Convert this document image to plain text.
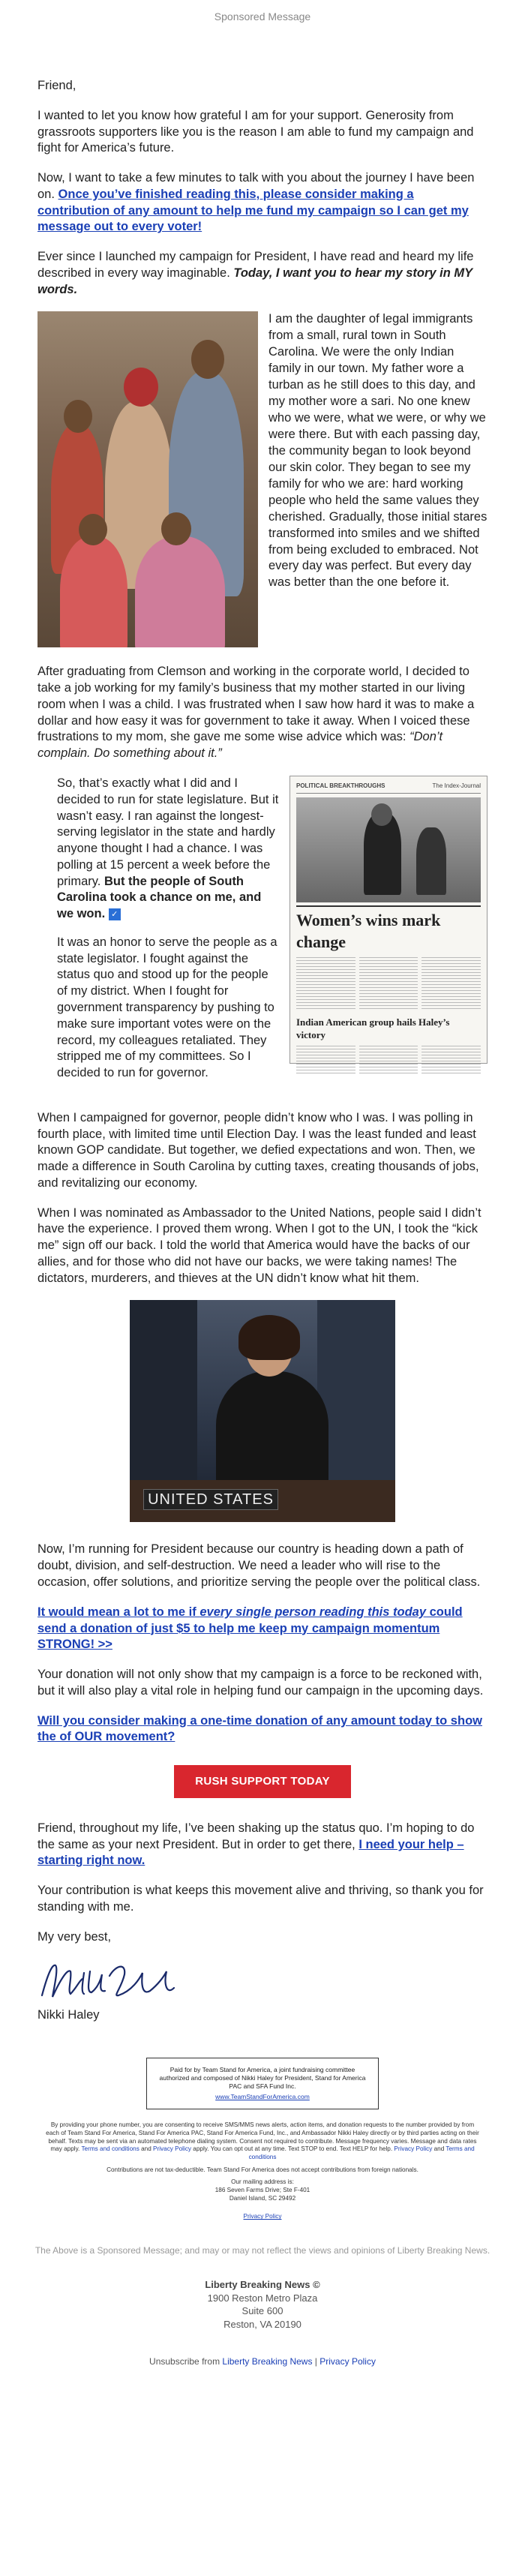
Sponsored Message

Friend,

I wanted to let you know how grateful I am for your support. Generosity from grassroots supporters like you is the reason I am able to fund my campaign and fight for America’s future.

Now, I want to take a few minutes to talk with you about the journey I have been on. Once you’ve finished reading this, please consider making a contribution of any amount to help me fund my campaign so I can get my message out to every voter!

Ever since I launched my campaign for President, I have read and heard my life described in every way imaginable. Today, I want you to hear my story in MY words.

I am the daughter of legal immigrants from a small, rural town in South Carolina. We were the only Indian family in our town. My father wore a turban as he still does to this day, and my mother wore a sari. No one knew who we were, what we were, or why we were there. But with each passing day, the community began to look beyond our skin color. They began to see my family for who we are: hard working people who held the same values they cherished. Gradually, those initial stares transformed into smiles and we shifted from being excluded to embraced. Not every day was perfect. But every day was better than the one before it.

After graduating from Clemson and working in the corporate world, I decided to take a job working for my family’s business that my mother started in our living room when I was a child. I was frustrated when I saw how hard it was to make a dollar and how easy it was for government to take it away. When I voiced these frustrations to my mom, she gave me some wise advice which was: “Don’t complain. Do something about it.”

So, that’s exactly what I did and I decided to run for state legislature. But it wasn’t easy. I ran against the longest-serving legislator in the state and hardly anyone thought I had a chance. I was polling at 15 percent a week before the primary. But the people of South Carolina took a chance on me, and we won. ✓

It was an honor to serve the people as a state legislator. I fought against the status quo and stood up for the people of my district. When I fought for government transparency by pushing to make sure important votes were on the record, my colleagues retaliated. They stripped me of my committees. So I decided to run for governor.

POLITICAL BREAKTHROUGHS	The Index-Journal
Women’s wins mark change
Indian American group hails Haley’s victory

When I campaigned for governor, people didn’t know who I was. I was polling in fourth place, with limited time until Election Day. I was the least funded and least known GOP candidate. But together, we defied expectations and won. Then, we made a difference in South Carolina by cutting taxes, creating thousands of jobs, and revitalizing our economy.

When I was nominated as Ambassador to the United Nations, people said I didn’t have the experience. I proved them wrong. When I got to the UN, I took the “kick me” sign off our back. I told the world that America would have the backs of our allies, and for those who did not have our backs, we were taking names! The dictators, murderers, and thieves at the UN didn’t know what hit them.

UNITED STATES

Now, I’m running for President because our country is heading down a path of doubt, division, and self-destruction. We need a leader who will rise to the occasion, offer solutions, and prioritize serving the people over the political class.

It would mean a lot to me if every single person reading this today could send a donation of just $5 to help me keep my campaign momentum STRONG! >>

Your donation will not only show that my campaign is a force to be reckoned with, but it will also play a vital role in helping fund our campaign in the upcoming days.

Will you consider making a one-time donation of any amount today to show the of OUR movement?

RUSH SUPPORT TODAY

Friend, throughout my life, I’ve been shaking up the status quo. I’m hoping to do the same as your next President. But in order to get there, I need your help – starting right now.

Your contribution is what keeps this movement alive and thriving, so thank you for standing with me.

My very best,

Nikki Haley

Paid for by Team Stand for America, a joint fundraising committee authorized and composed of Nikki Haley for President, Stand for America PAC and SFA Fund Inc.
www.TeamStandForAmerica.com
By providing your phone number, you are consenting to receive SMS/MMS news alerts, action items, and donation requests to the number provided by from each of Team Stand For America, Stand For America PAC, Stand For America Fund, Inc., and Ambassador Nikki Haley directly or by third parties acting on their behalf. Texts may be sent via an automated telephone dialing system. Consent not required to contribute. Message frequency varies. Message and data rates may apply. Terms and conditions and Privacy Policy apply. You can opt out at any time. Text STOP to end. Text HELP for help. Privacy Policy and Terms and conditions
Contributions are not tax-deductible. Team Stand For America does not accept contributions from foreign nationals.
Our mailing address is:
186 Seven Farms Drive; Ste F-401
Daniel Island, SC 29492
Privacy Policy
The Above is a Sponsored Message; and may or may not reflect the views and opinions of Liberty Breaking News.
Liberty Breaking News ©
1900 Reston Metro Plaza
Suite 600
Reston, VA 20190
Unsubscribe from Liberty Breaking News | Privacy Policy
